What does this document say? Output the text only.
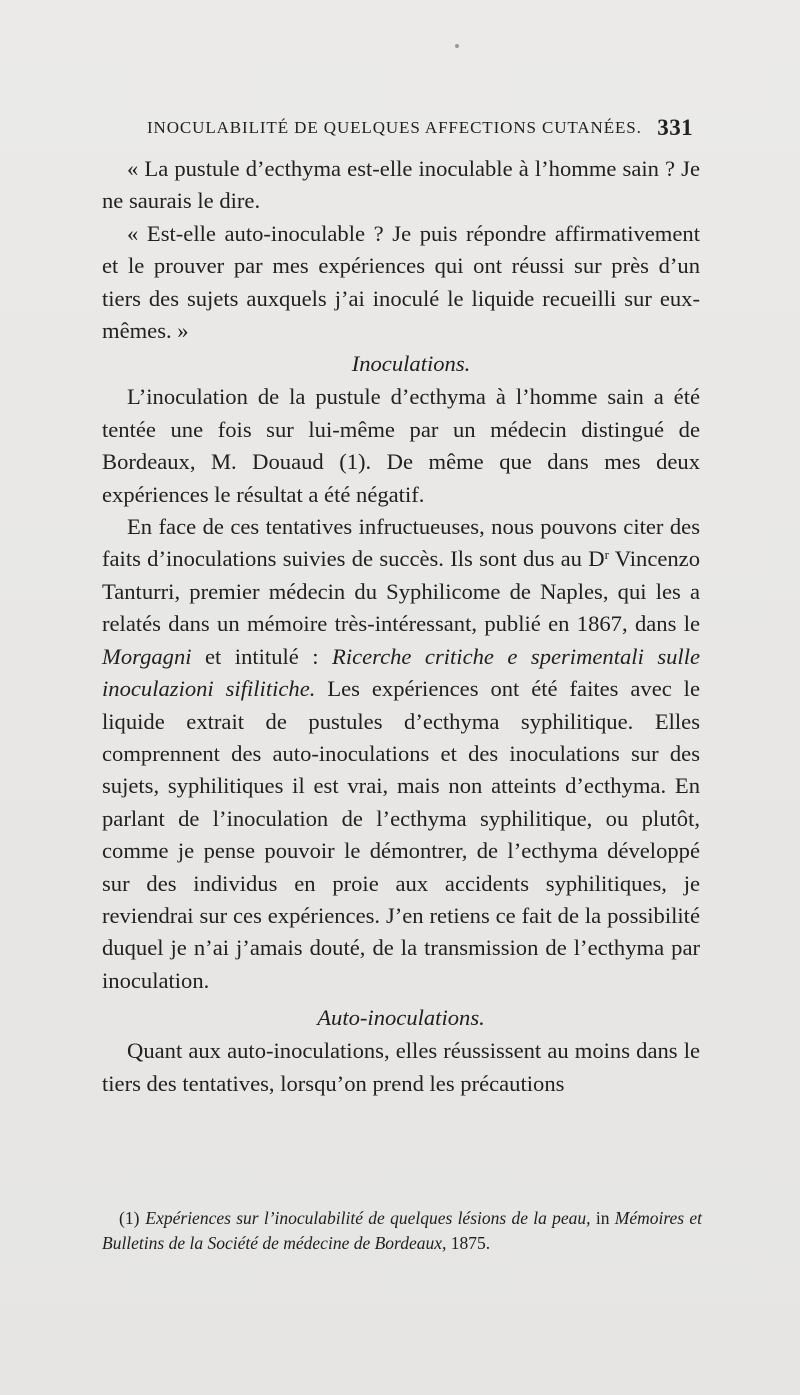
INOCULABILITÉ DE QUELQUES AFFECTIONS CUTANÉES. 331

« La pustule d’ecthyma est-elle inoculable à l’homme sain ? Je ne saurais le dire.

« Est-elle auto-inoculable ? Je puis répondre affirmativement et le prouver par mes expériences qui ont réussi sur près d’un tiers des sujets auxquels j’ai inoculé le liquide recueilli sur eux-mêmes. »

Inoculations.

L’inoculation de la pustule d’ecthyma à l’homme sain a été tentée une fois sur lui-même par un médecin distingué de Bordeaux, M. Douaud (1). De même que dans mes deux expériences le résultat a été négatif.

En face de ces tentatives infructueuses, nous pouvons citer des faits d’inoculations suivies de succès. Ils sont dus au $D^r$ Vincenzo Tanturri, premier médecin du Syphilicome de Naples, qui les a relatés dans un mémoire très-intéressant, publié en 1867, dans le Morgagni et intitulé : Ricerche critiche e sperimentali sulle inoculazioni sifilitiche. Les expériences ont été faites avec le liquide extrait de pustules d’ecthyma syphilitique. Elles comprennent des auto-inoculations et des inoculations sur des sujets, syphilitiques il est vrai, mais non atteints d’ecthyma. En parlant de l’inoculation de l’ecthyma syphilitique, ou plutôt, comme je pense pouvoir le démontrer, de l’ecthyma développé sur des individus en proie aux accidents syphilitiques, je reviendrai sur ces expériences. J’en retiens ce fait de la possibilité duquel je n’ai j’amais douté, de la transmission de l’ecthyma par inoculation.

Auto-inoculations.

Quant aux auto-inoculations, elles réussissent au moins dans le tiers des tentatives, lorsqu’on prend les précautions

(1) Expériences sur l’inoculabilité de quelques lésions de la peau, in Mémoires et Bulletins de la Société de médecine de Bordeaux, 1875.
